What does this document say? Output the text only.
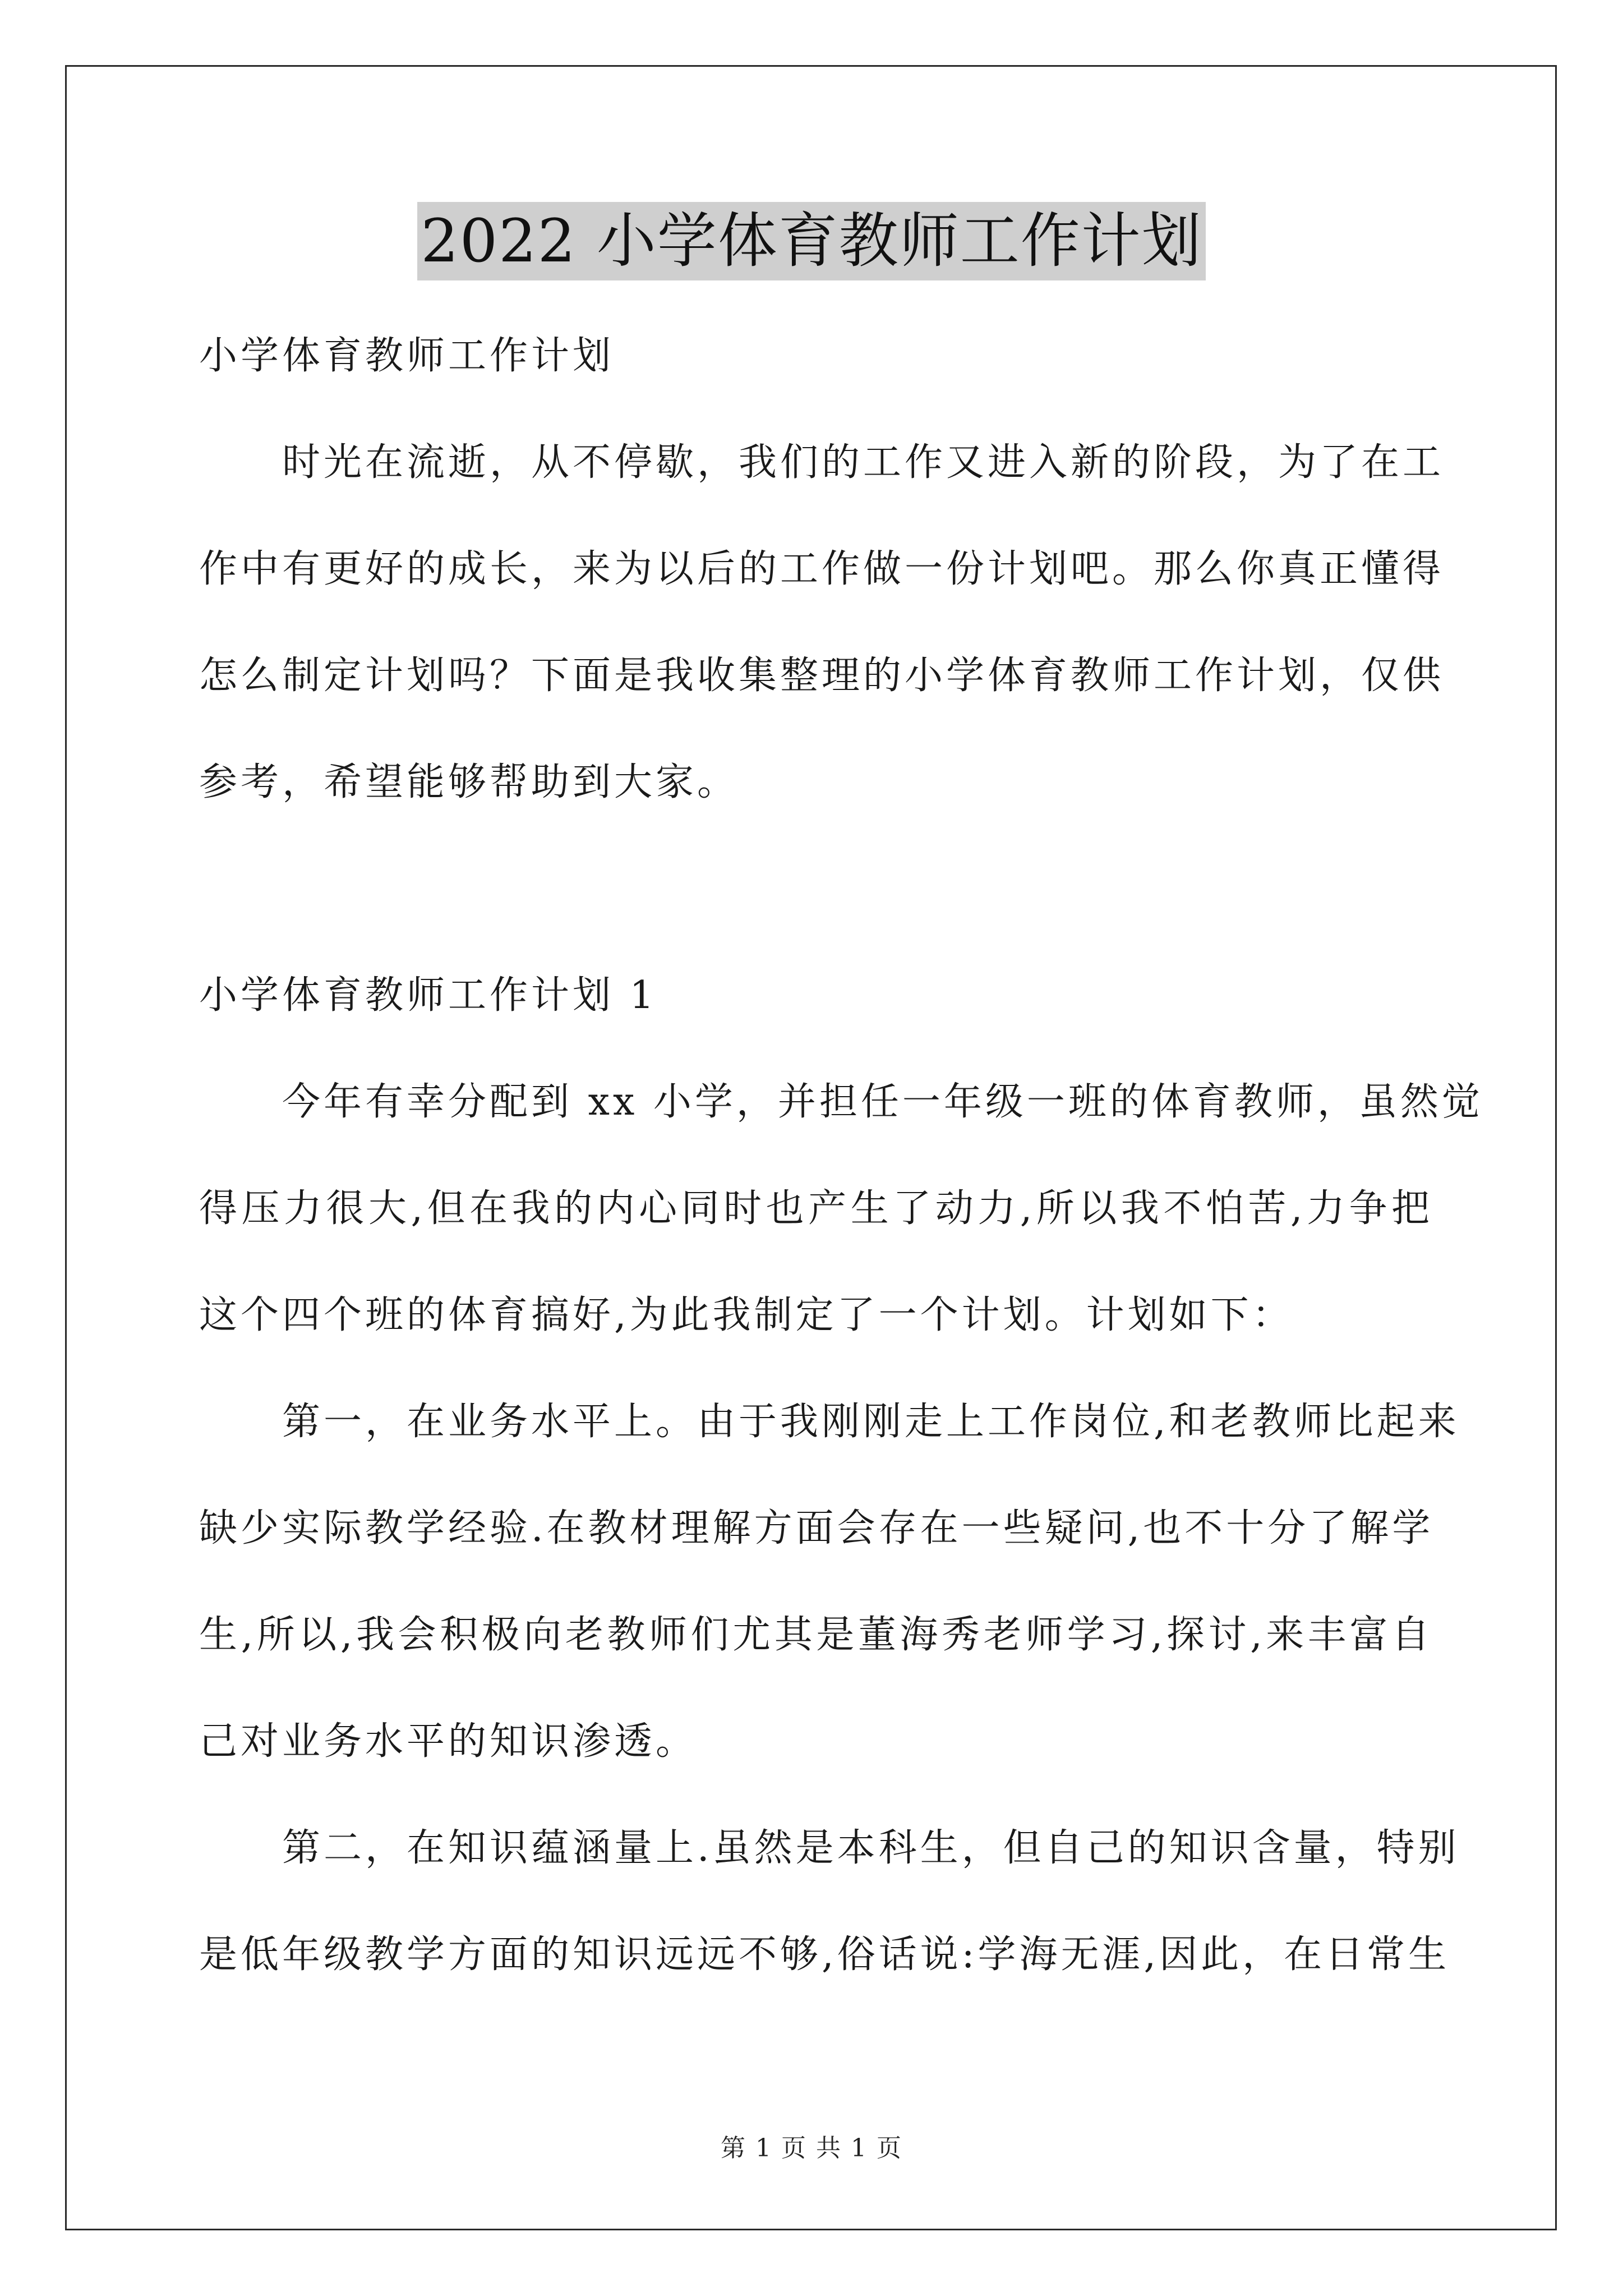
2022 小学体育教师工作计划
小学体育教师工作计划
时光在流逝，从不停歇，我们的工作又进入新的阶段，为了在工
作中有更好的成长，来为以后的工作做一份计划吧。那么你真正懂得
怎么制定计划吗？下面是我收集整理的小学体育教师工作计划，仅供
参考，希望能够帮助到大家。
小学体育教师工作计划 1
今年有幸分配到 xx 小学，并担任一年级一班的体育教师，虽然觉
得压力很大,但在我的内心同时也产生了动力,所以我不怕苦,力争把
这个四个班的体育搞好,为此我制定了一个计划。计划如下：
第一，在业务水平上。由于我刚刚走上工作岗位,和老教师比起来
缺少实际教学经验.在教材理解方面会存在一些疑问,也不十分了解学
生,所以,我会积极向老教师们尤其是董海秀老师学习,探讨,来丰富自
己对业务水平的知识渗透。
第二，在知识蕴涵量上.虽然是本科生，但自己的知识含量，特别
是低年级教学方面的知识远远不够,俗话说:学海无涯,因此，在日常生
第 1 页 共 1 页
